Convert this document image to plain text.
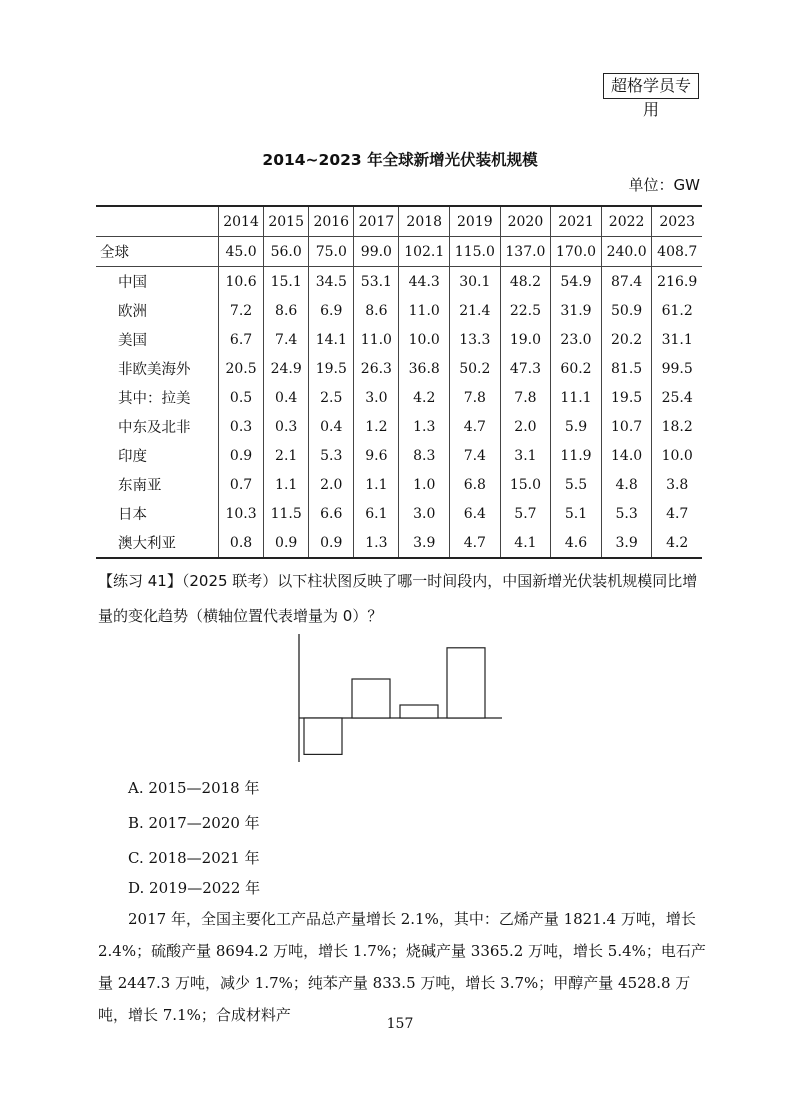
超格学员专用
2014~2023 年全球新增光伏装机规模
单位：GW
	2014	2015	2016	2017	2018	2019	2020	2021	2022	2023
全球	45.0	56.0	75.0	99.0	102.1	115.0	137.0	170.0	240.0	408.7
中国	10.6	15.1	34.5	53.1	44.3	30.1	48.2	54.9	87.4	216.9
欧洲	7.2	8.6	6.9	8.6	11.0	21.4	22.5	31.9	50.9	61.2
美国	6.7	7.4	14.1	11.0	10.0	13.3	19.0	23.0	20.2	31.1
非欧美海外	20.5	24.9	19.5	26.3	36.8	50.2	47.3	60.2	81.5	99.5
其中：拉美	0.5	0.4	2.5	3.0	4.2	7.8	7.8	11.1	19.5	25.4
中东及北非	0.3	0.3	0.4	1.2	1.3	4.7	2.0	5.9	10.7	18.2
印度	0.9	2.1	5.3	9.6	8.3	7.4	3.1	11.9	14.0	10.0
东南亚	0.7	1.1	2.0	1.1	1.0	6.8	15.0	5.5	4.8	3.8
日本	10.3	11.5	6.6	6.1	3.0	6.4	5.7	5.1	5.3	4.7
澳大利亚	0.8	0.9	0.9	1.3	3.9	4.7	4.1	4.6	3.9	4.2
【练习 41】（2025 联考）以下柱状图反映了哪一时间段内，中国新增光伏装机规模同比增量的变化趋势（横轴位置代表增量为 0）？
A. 2015—2018 年
B. 2017—2020 年
C. 2018—2021 年
D. 2019—2022 年
2017 年，全国主要化工产品总产量增长 2.1%，其中：乙烯产量 1821.4 万吨，增长 2.4%；硫酸产量 8694.2 万吨，增长 1.7%；烧碱产量 3365.2 万吨，增长 5.4%；电石产量 2447.3 万吨，减少 1.7%；纯苯产量 833.5 万吨，增长 3.7%；甲醇产量 4528.8 万吨，增长 7.1%；合成材料产	157
